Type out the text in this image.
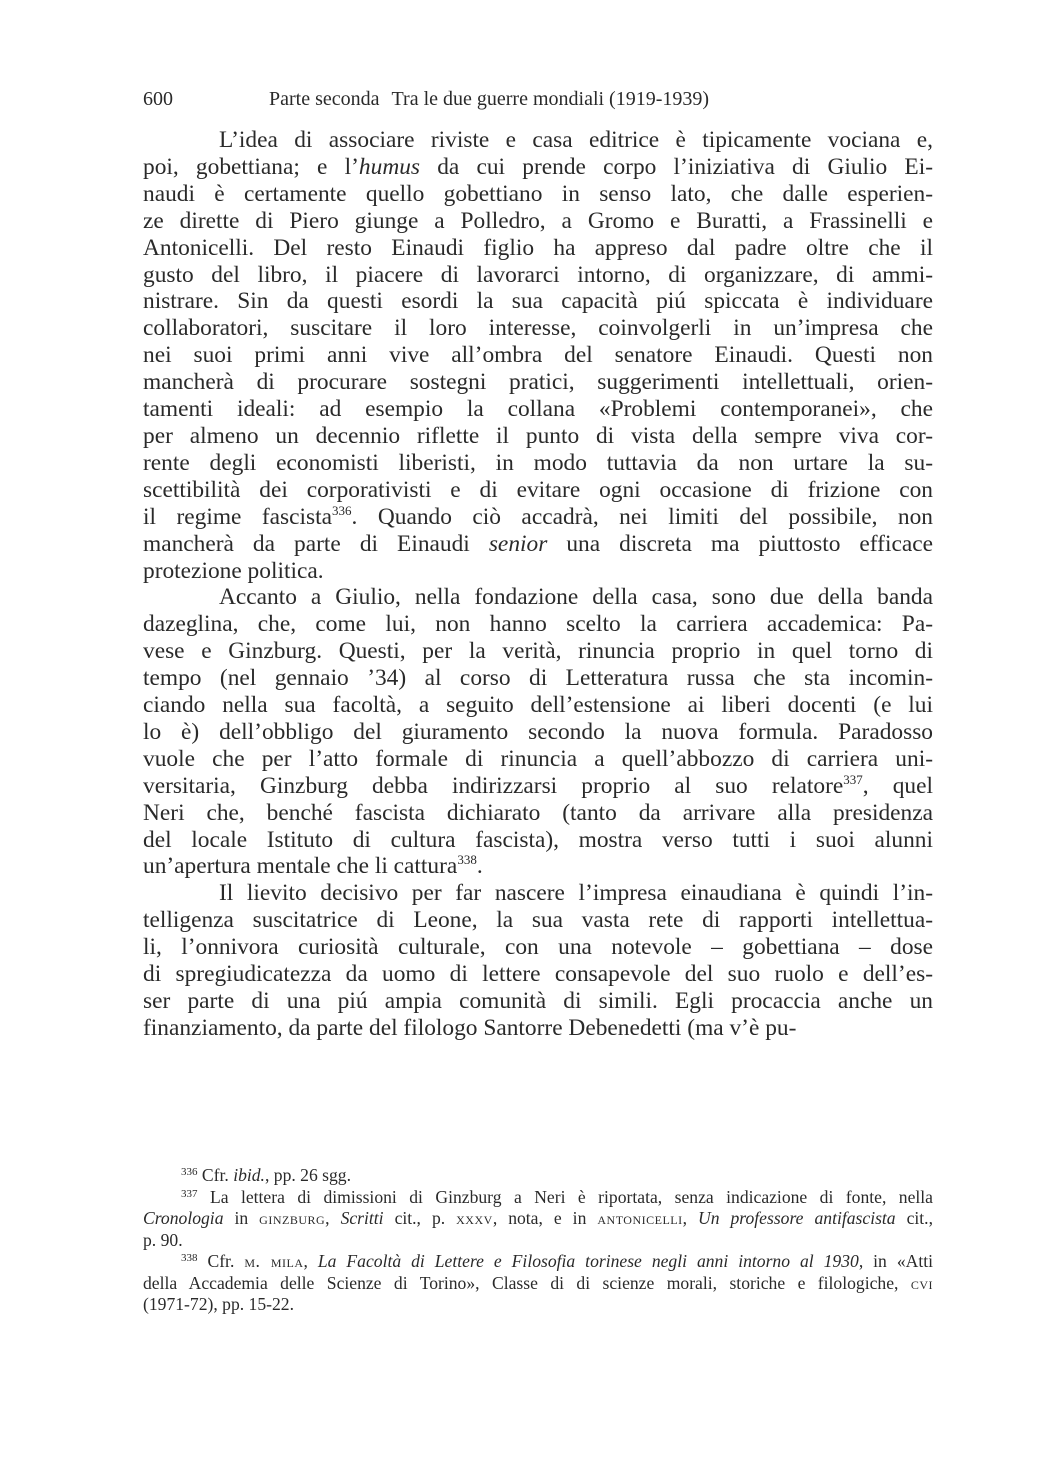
600	Parte seconda Tra le due guerre mondiali (1919-1939)
L’idea di associare riviste e casa editrice è tipicamente vociana e,
poi, gobettiana; e l’humus da cui prende corpo l’iniziativa di Giulio Ei-
naudi è certamente quello gobettiano in senso lato, che dalle esperien-
ze dirette di Piero giunge a Polledro, a Gromo e Buratti, a Frassinelli e
Antonicelli. Del resto Einaudi figlio ha appreso dal padre oltre che il
gusto del libro, il piacere di lavorarci intorno, di organizzare, di ammi-
nistrare. Sin da questi esordi la sua capacità piú spiccata è individuare
collaboratori, suscitare il loro interesse, coinvolgerli in un’impresa che
nei suoi primi anni vive all’ombra del senatore Einaudi. Questi non
mancherà di procurare sostegni pratici, suggerimenti intellettuali, orien-
tamenti ideali: ad esempio la collana «Problemi contemporanei», che
per almeno un decennio riflette il punto di vista della sempre viva cor-
rente degli economisti liberisti, in modo tuttavia da non urtare la su-
scettibilità dei corporativisti e di evitare ogni occasione di frizione con
il regime fascista$^{336}$. Quando ciò accadrà, nei limiti del possibile, non
mancherà da parte di Einaudi senior una discreta ma piuttosto efficace
protezione politica.
Accanto a Giulio, nella fondazione della casa, sono due della banda
dazeglina, che, come lui, non hanno scelto la carriera accademica: Pa-
vese e Ginzburg. Questi, per la verità, rinuncia proprio in quel torno di
tempo (nel gennaio ’34) al corso di Letteratura russa che sta incomin-
ciando nella sua facoltà, a seguito dell’estensione ai liberi docenti (e lui
lo è) dell’obbligo del giuramento secondo la nuova formula. Paradosso
vuole che per l’atto formale di rinuncia a quell’abbozzo di carriera uni-
versitaria, Ginzburg debba indirizzarsi proprio al suo relatore$^{337}$, quel
Neri che, benché fascista dichiarato (tanto da arrivare alla presidenza
del locale Istituto di cultura fascista), mostra verso tutti i suoi alunni
un’apertura mentale che li cattura$^{338}$.
Il lievito decisivo per far nascere l’impresa einaudiana è quindi l’in-
telligenza suscitatrice di Leone, la sua vasta rete di rapporti intellettua-
li, l’onnivora curiosità culturale, con una notevole – gobettiana – dose
di spregiudicatezza da uomo di lettere consapevole del suo ruolo e dell’es-
ser parte di una piú ampia comunità di simili. Egli procaccia anche un
finanziamento, da parte del filologo Santorre Debenedetti (ma v’è pu-
$^{336}$ Cfr. ibid., pp. 26 sgg.
$^{337}$ La lettera di dimissioni di Ginzburg a Neri è riportata, senza indicazione di fonte, nella
Cronologia in ginzburg, Scritti cit., p. xxxv, nota, e in antonicelli, Un professore antifascista cit.,
p. 90.
$^{338}$ Cfr. m. mila, La Facoltà di Lettere e Filosofia torinese negli anni intorno al 1930, in «Atti
della Accademia delle Scienze di Torino», Classe di di scienze morali, storiche e filologiche, cvi
(1971-72), pp. 15-22.
